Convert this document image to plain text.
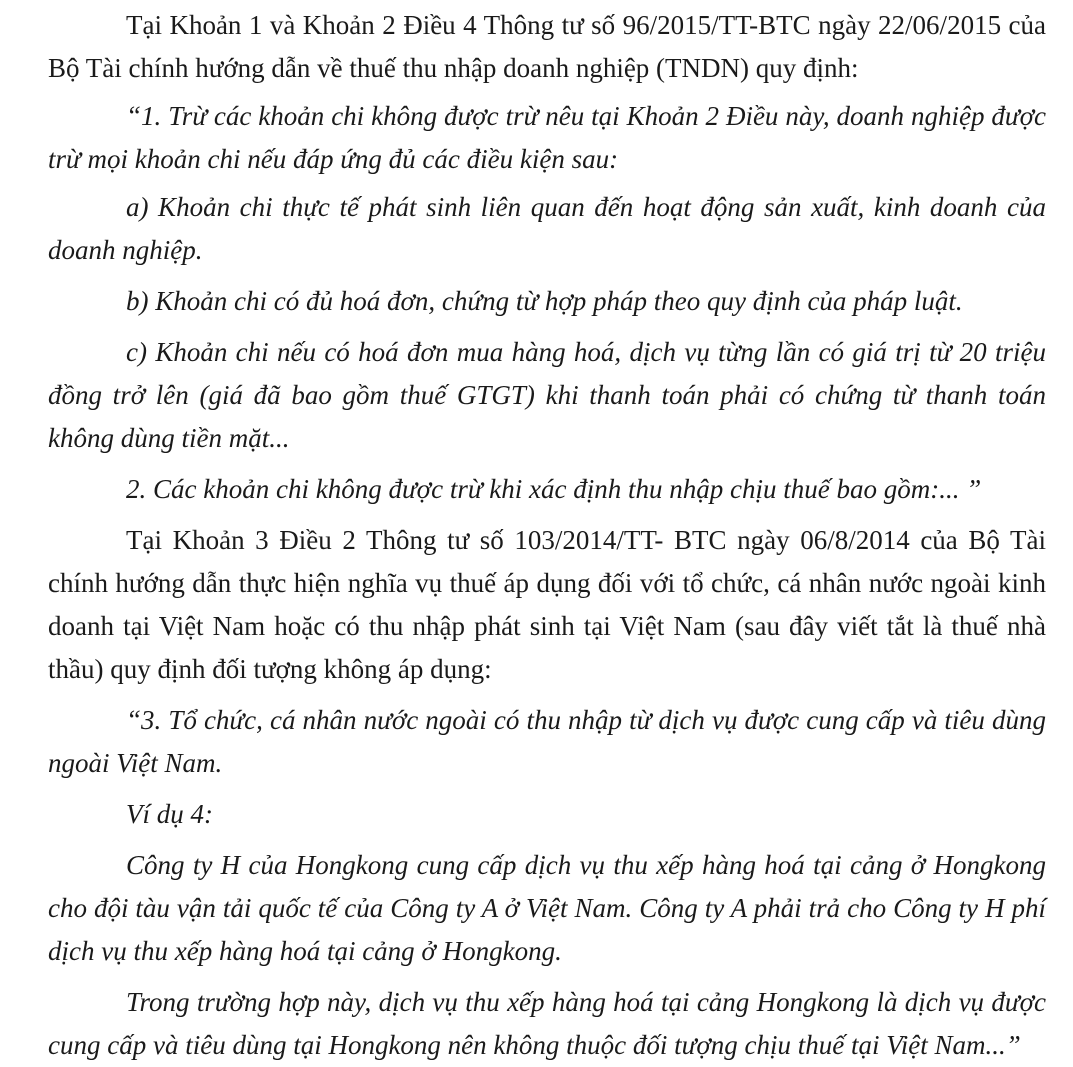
Tại Khoản 1 và Khoản 2 Điều 4 Thông tư số 96/2015/TT-BTC ngày 22/06/2015 của Bộ Tài chính hướng dẫn về thuế thu nhập doanh nghiệp (TNDN) quy định:

“1. Trừ các khoản chi không được trừ nêu tại Khoản 2 Điều này, doanh nghiệp được trừ mọi khoản chi nếu đáp ứng đủ các điều kiện sau:

a) Khoản chi thực tế phát sinh liên quan đến hoạt động sản xuất, kinh doanh của doanh nghiệp.

b) Khoản chi có đủ hoá đơn, chứng từ hợp pháp theo quy định của pháp luật.

c) Khoản chi nếu có hoá đơn mua hàng hoá, dịch vụ từng lần có giá trị từ 20 triệu đồng trở lên (giá đã bao gồm thuế GTGT) khi thanh toán phải có chứng từ thanh toán không dùng tiền mặt...

2. Các khoản chi không được trừ khi xác định thu nhập chịu thuế bao gồm:... ”

Tại Khoản 3 Điều 2 Thông tư số 103/2014/TT- BTC ngày 06/8/2014 của Bộ Tài chính hướng dẫn thực hiện nghĩa vụ thuế áp dụng đối với tổ chức, cá nhân nước ngoài kinh doanh tại Việt Nam hoặc có thu nhập phát sinh tại Việt Nam (sau đây viết tắt là thuế nhà thầu) quy định đối tượng không áp dụng:

“3. Tổ chức, cá nhân nước ngoài có thu nhập từ dịch vụ được cung cấp và tiêu dùng ngoài Việt Nam.

Ví dụ 4:

Công ty H của Hongkong cung cấp dịch vụ thu xếp hàng hoá tại cảng ở Hongkong cho đội tàu vận tải quốc tế của Công ty A ở Việt Nam. Công ty A phải trả cho Công ty H phí dịch vụ thu xếp hàng hoá tại cảng ở Hongkong.

Trong trường hợp này, dịch vụ thu xếp hàng hoá tại cảng Hongkong là dịch vụ được cung cấp và tiêu dùng tại Hongkong nên không thuộc đối tượng chịu thuế tại Việt Nam...”
